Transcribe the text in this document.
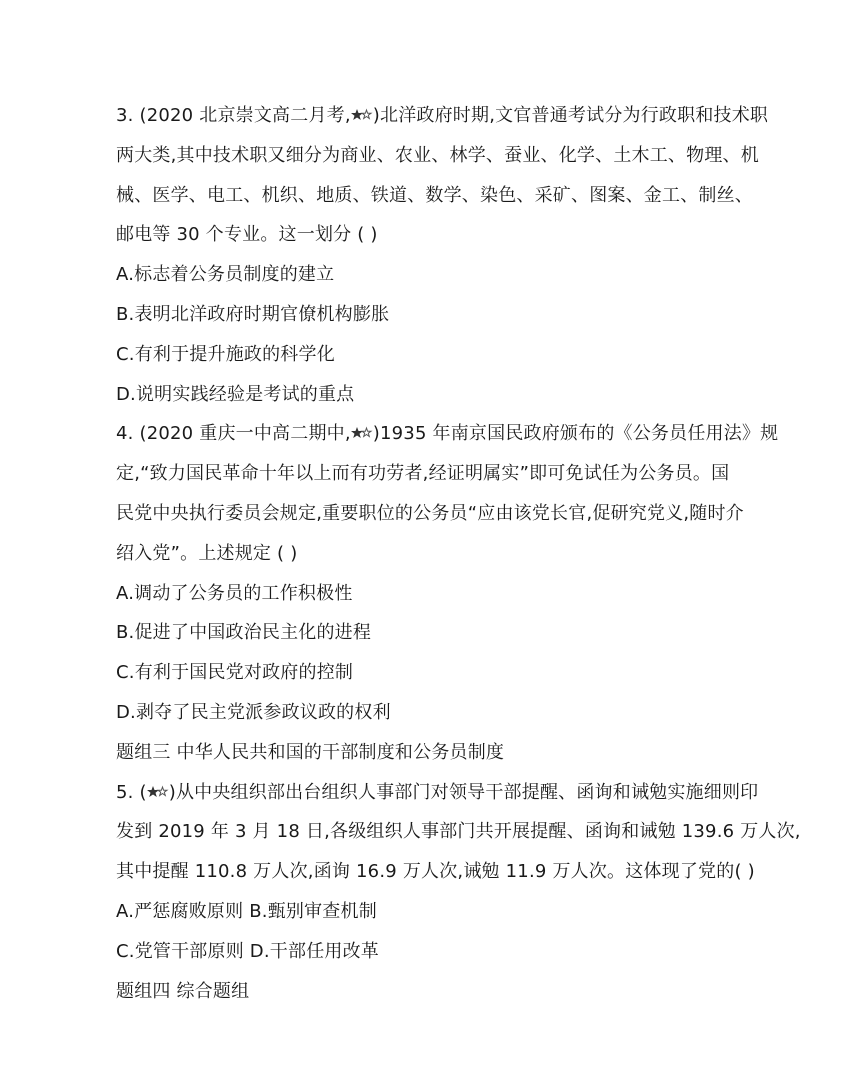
3. (2020 北京崇文高二月考, )北洋政府时期,文官普通考试分为行政职和技术职
两大类,其中技术职又细分为商业、农业、林学、蚕业、化学、土木工、物理、机
械、医学、电工、机织、地质、铁道、数学、染色、采矿、图案、金工、制丝、
邮电等 30 个专业。这一划分 ( )
A.标志着公务员制度的建立
B.表明北洋政府时期官僚机构膨胀
C.有利于提升施政的科学化
D.说明实践经验是考试的重点
4. (2020 重庆一中高二期中, )1935 年南京国民政府颁布的《公务员任用法》规
定,“致力国民革命十年以上而有功劳者,经证明属实”即可免试任为公务员。国
民党中央执行委员会规定,重要职位的公务员“应由该党长官,促研究党义,随时介
绍入党”。上述规定 ( )
A.调动了公务员的工作积极性
B.促进了中国政治民主化的进程
C.有利于国民党对政府的控制
D.剥夺了民主党派参政议政的权利
题组三 中华人民共和国的干部制度和公务员制度
5. ( )从中央组织部出台组织人事部门对领导干部提醒、函询和诫勉实施细则印
发到 2019 年 3 月 18 日,各级组织人事部门共开展提醒、函询和诫勉 139.6 万人次,
其中提醒 110.8 万人次,函询 16.9 万人次,诫勉 11.9 万人次。这体现了党的( )
A.严惩腐败原则 B.甄别审查机制
C.党管干部原则 D.干部任用改革
题组四 综合题组
